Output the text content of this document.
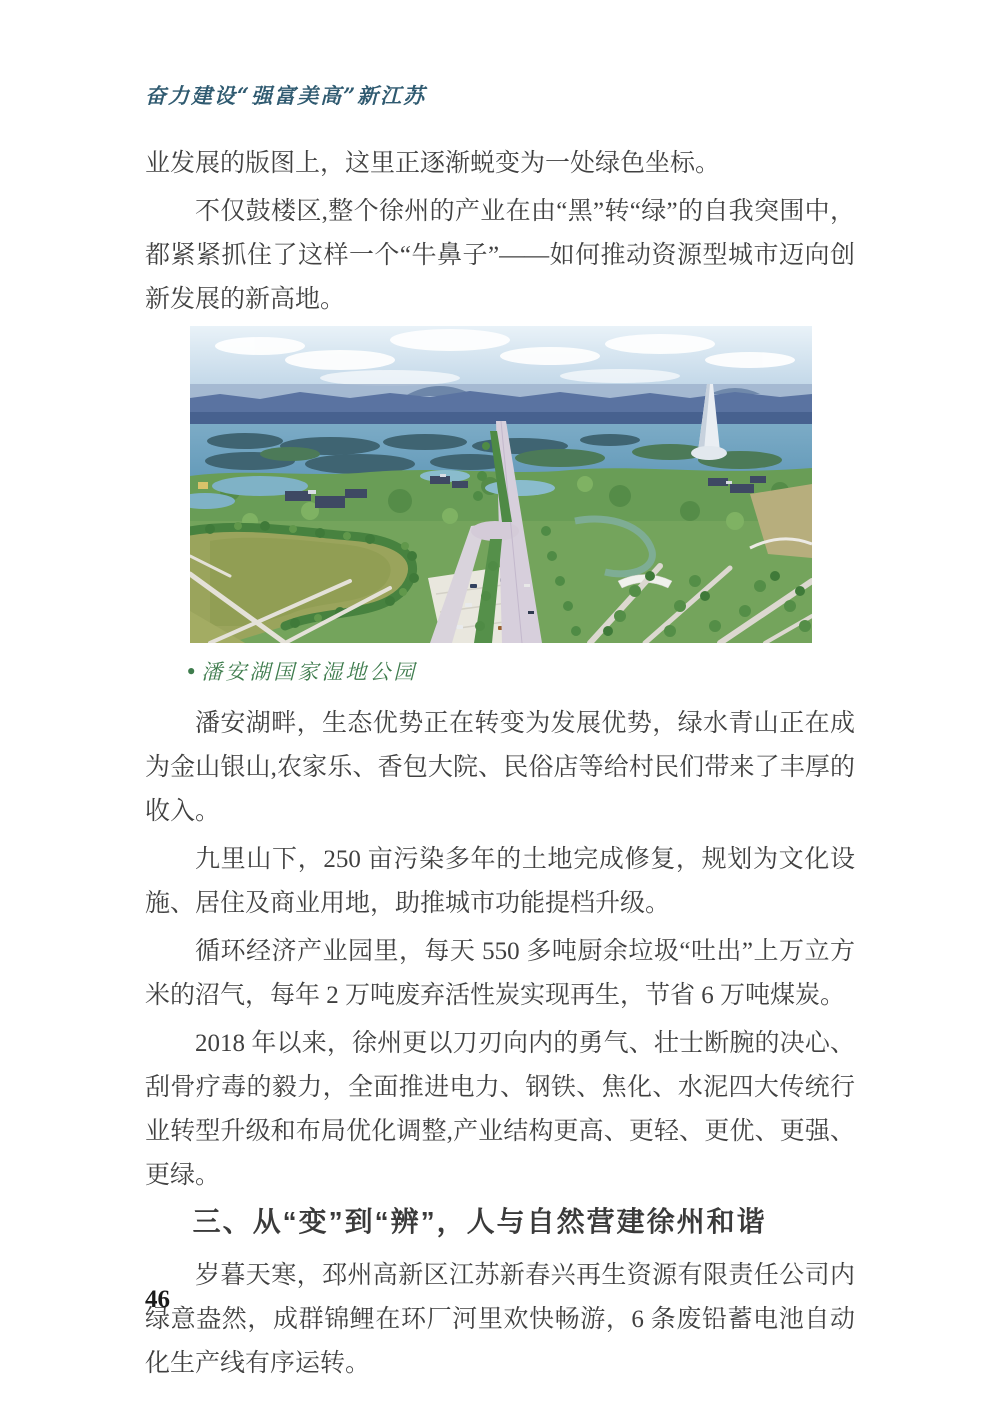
奋力建设“强富美高”新江苏

业发展的版图上，这里正逐渐蜕变为一处绿色坐标。

不仅鼓楼区,整个徐州的产业在由“黑”转“绿”的自我突围中，都紧紧抓住了这样一个“牛鼻子”——如何推动资源型城市迈向创新发展的新高地。

• 潘安湖国家湿地公园

潘安湖畔，生态优势正在转变为发展优势，绿水青山正在成为金山银山,农家乐、香包大院、民俗店等给村民们带来了丰厚的收入。

九里山下，250 亩污染多年的土地完成修复，规划为文化设施、居住及商业用地，助推城市功能提档升级。

循环经济产业园里，每天 550 多吨厨余垃圾“吐出”上万立方米的沼气，每年 2 万吨废弃活性炭实现再生，节省 6 万吨煤炭。

2018 年以来，徐州更以刀刃向内的勇气、壮士断腕的决心、刮骨疗毒的毅力，全面推进电力、钢铁、焦化、水泥四大传统行业转型升级和布局优化调整,产业结构更高、更轻、更优、更强、更绿。

三、从“变”到“辨”，人与自然营建徐州和谐

岁暮天寒，邳州高新区江苏新春兴再生资源有限责任公司内绿意盎然，成群锦鲤在环厂河里欢快畅游，6 条废铅蓄电池自动化生产线有序运转。

46
